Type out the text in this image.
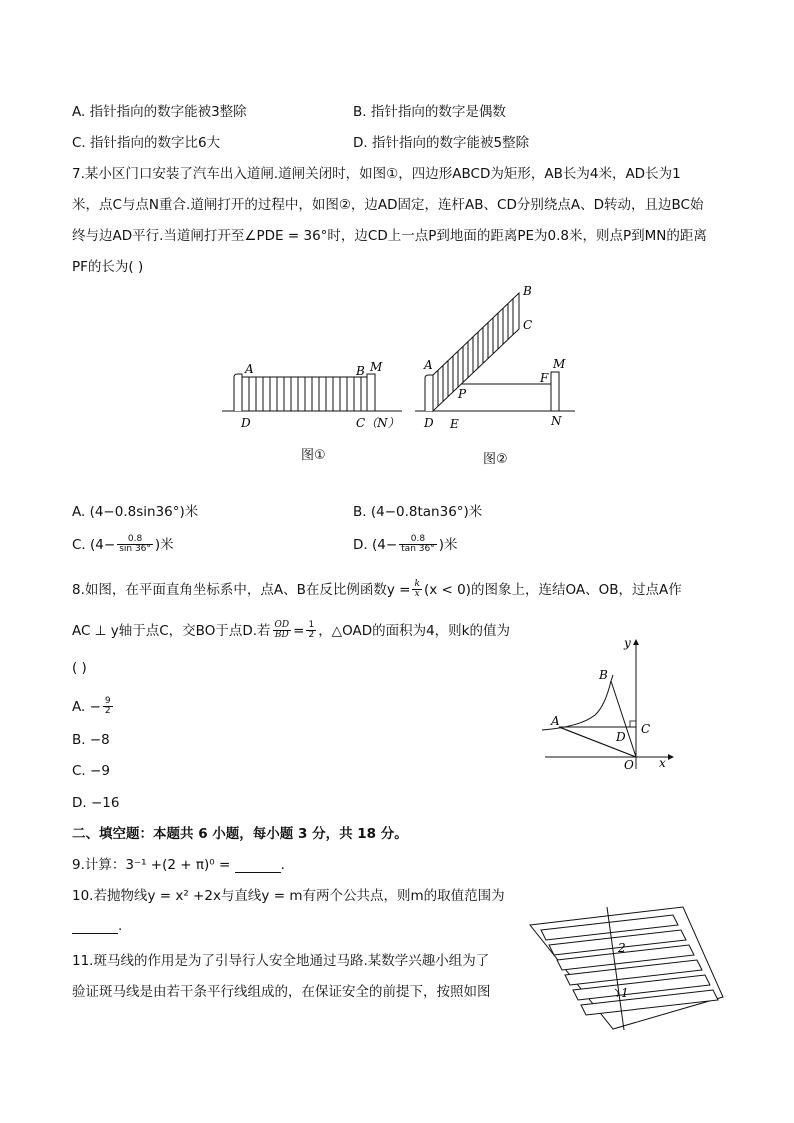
A. 指针指向的数字能被3整除	B. 指针指向的数字是偶数
C. 指针指向的数字比6大	D. 指针指向的数字能被5整除
7.某小区门口安装了汽车出入道闸.道闸关闭时，如图①，四边形ABCD为矩形，AB长为4米，AD长为1
米，点C与点N重合.道闸打开的过程中，如图②，边AD固定，连杆AB、CD分别绕点A、D转动，且边BC始
终与边AD平行.当道闸打开至∠PDE = 36°时，边CD上一点P到地面的距离PE为0.8米，则点P到MN的距离
PF的长为( )
A	B M
D	C（N）
图①
A
B
C
M
F
P
D E	N
图②
A. (4−0.8sin36°)米	B. (4−0.8tan36°)米
C. ($4- \frac{0.8}{\sin 36^\circ}$ )米	D. ($4- \frac{0.8}{\tan 36^\circ}$ )米
8.如图，在平面直角坐标系中，点A、B在反比例函数$y = \frac{k}{x} (x < 0)$的图象上，连结OA、OB，过点A作
AC ⊥ y轴于点C，交BO于点D.若 $\frac{OD}{BD} = \frac{1}{2}$ ，△OAD的面积为4，则k的值为
( )
A. − $\frac{9}{2}$
B. −8
C. −9
D. −16
B
A
D
C
O x
y
二、填空题：本题共 6 小题，每小题 3 分，共 18 分。
9.计算：3⁻¹ +(2 + π)⁰ =	.
10.若抛物线y = x² +2x与直线y = m有两个公共点，则m的取值范围为
.
11.斑马线的作用是为了引导行人安全地通过马路.某数学兴趣小组为了
验证斑马线是由若干条平行线组成的，在保证安全的前提下，按照如图	1
2
